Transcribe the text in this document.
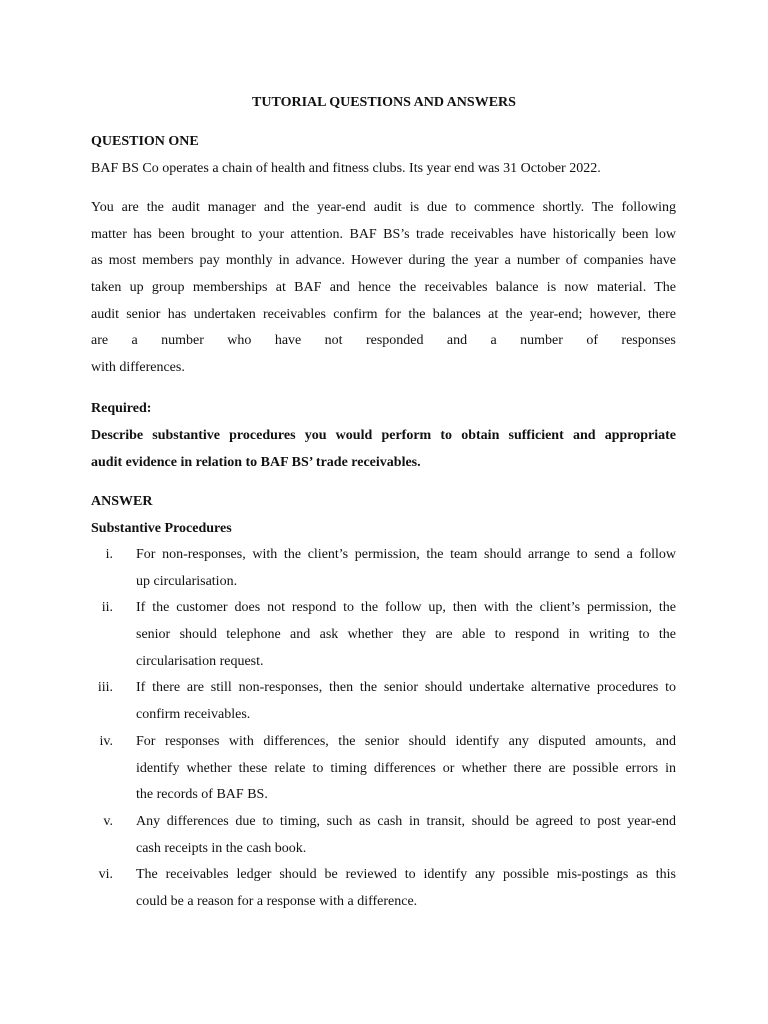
TUTORIAL QUESTIONS AND ANSWERS
QUESTION ONE
BAF BS Co operates a chain of health and fitness clubs. Its year end was 31 October 2022.
You are the audit manager and the year-end audit is due to commence shortly. The following
matter has been brought to your attention. BAF BS’s trade receivables have historically been low
as most members pay monthly in advance. However during the year a number of companies have
taken up group memberships at BAF and hence the receivables balance is now material. The
audit senior has undertaken receivables confirm for the balances at the year-end; however, there
are a number who have not responded and a number of responses
with differences.
Required:
Describe substantive procedures you would perform to obtain sufficient and appropriate
audit evidence in relation to BAF BS’ trade receivables.
ANSWER
Substantive Procedures
i. For non-responses, with the client’s permission, the team should arrange to send a follow
up circularisation.
ii. If the customer does not respond to the follow up, then with the client’s permission, the
senior should telephone and ask whether they are able to respond in writing to the
circularisation request.
iii. If there are still non-responses, then the senior should undertake alternative procedures to
confirm receivables.
iv. For responses with differences, the senior should identify any disputed amounts, and
identify whether these relate to timing differences or whether there are possible errors in
the records of BAF BS.
v. Any differences due to timing, such as cash in transit, should be agreed to post year-end
cash receipts in the cash book.
vi. The receivables ledger should be reviewed to identify any possible mis-postings as this
could be a reason for a response with a difference.
